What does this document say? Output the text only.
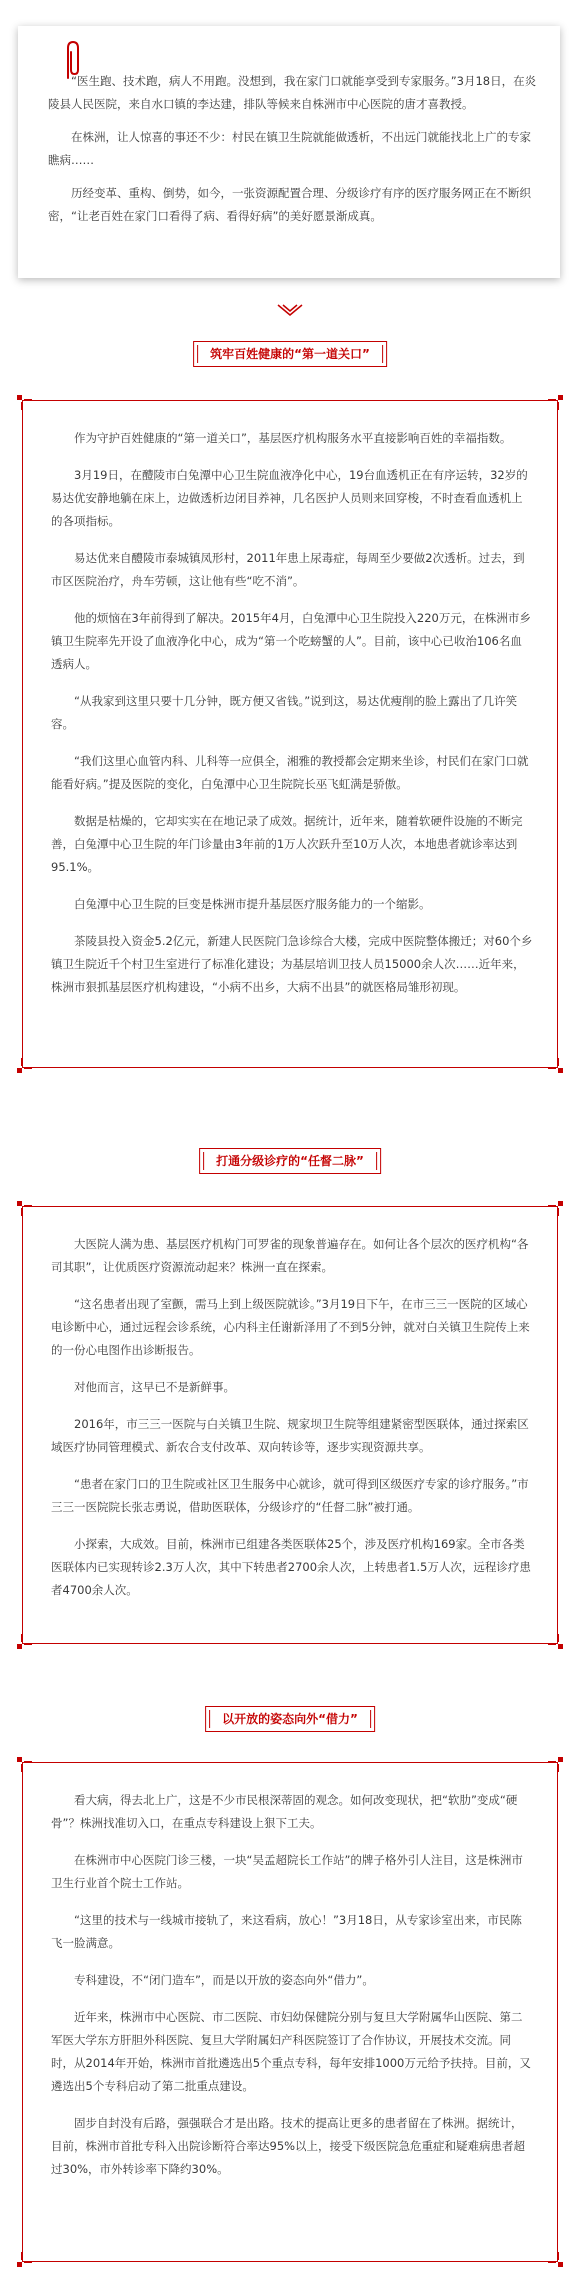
“医生跑、技术跑，病人不用跑。没想到，我在家门口就能享受到专家服务。”3月18日，在炎陵县人民医院，来自水口镇的李达建，排队等候来自株洲市中心医院的唐才喜教授。

在株洲，让人惊喜的事还不少：村民在镇卫生院就能做透析，不出远门就能找北上广的专家瞧病……

历经变革、重构、倒势，如今，一张资源配置合理、分级诊疗有序的医疗服务网正在不断织密，“让老百姓在家门口看得了病、看得好病”的美好愿景渐成真。

筑牢百姓健康的“第一道关口”

作为守护百姓健康的“第一道关口”，基层医疗机构服务水平直接影响百姓的幸福指数。

3月19日，在醴陵市白兔潭中心卫生院血液净化中心，19台血透机正在有序运转，32岁的易达优安静地躺在床上，边做透析边闭目养神，几名医护人员则来回穿梭，不时查看血透机上的各项指标。

易达优来自醴陵市泰城镇凤形村，2011年患上尿毒症，每周至少要做2次透析。过去，到市区医院治疗，舟车劳顿，这让他有些“吃不消”。

他的烦恼在3年前得到了解决。2015年4月，白兔潭中心卫生院投入220万元，在株洲市乡镇卫生院率先开设了血液净化中心，成为“第一个吃螃蟹的人”。目前，该中心已收治106名血透病人。

“从我家到这里只要十几分钟，既方便又省钱。”说到这，易达优瘦削的脸上露出了几许笑容。

“我们这里心血管内科、儿科等一应俱全，湘雅的教授都会定期来坐诊，村民们在家门口就能看好病。”提及医院的变化，白兔潭中心卫生院院长巫飞虹满是骄傲。

数据是枯燥的，它却实实在在地记录了成效。据统计，近年来，随着软硬件设施的不断完善，白兔潭中心卫生院的年门诊量由3年前的1万人次跃升至10万人次，本地患者就诊率达到95.1%。

白兔潭中心卫生院的巨变是株洲市提升基层医疗服务能力的一个缩影。

茶陵县投入资金5.2亿元，新建人民医院门急诊综合大楼，完成中医院整体搬迁；对60个乡镇卫生院近千个村卫生室进行了标准化建设；为基层培训卫技人员15000余人次……近年来，株洲市狠抓基层医疗机构建设，“小病不出乡，大病不出县”的就医格局雏形初现。

打通分级诊疗的“任督二脉”

大医院人满为患、基层医疗机构门可罗雀的现象普遍存在。如何让各个层次的医疗机构“各司其职”，让优质医疗资源流动起来？株洲一直在探索。

“这名患者出现了室颤，需马上到上级医院就诊。”3月19日下午，在市三三一医院的区域心电诊断中心，通过远程会诊系统，心内科主任谢新泽用了不到5分钟，就对白关镇卫生院传上来的一份心电图作出诊断报告。

对他而言，这早已不是新鲜事。

2016年，市三三一医院与白关镇卫生院、规家坝卫生院等组建紧密型医联体，通过探索区域医疗协同管理模式、新农合支付改革、双向转诊等，逐步实现资源共享。

“患者在家门口的卫生院或社区卫生服务中心就诊，就可得到区级医疗专家的诊疗服务。”市三三一医院院长张志勇说，借助医联体，分级诊疗的“任督二脉”被打通。

小探索，大成效。目前，株洲市已组建各类医联体25个，涉及医疗机构169家。全市各类医联体内已实现转诊2.3万人次，其中下转患者2700余人次，上转患者1.5万人次，远程诊疗患者4700余人次。

以开放的姿态向外“借力”

看大病，得去北上广，这是不少市民根深蒂固的观念。如何改变现状，把“软肋”变成“硬骨”？株洲找准切入口，在重点专科建设上狠下工夫。

在株洲市中心医院门诊三楼，一块“吴孟超院长工作站”的牌子格外引人注目，这是株洲市卫生行业首个院士工作站。

“这里的技术与一线城市接轨了，来这看病，放心！”3月18日，从专家诊室出来，市民陈飞一脸满意。

专科建设，不“闭门造车”，而是以开放的姿态向外“借力”。

近年来，株洲市中心医院、市二医院、市妇幼保健院分别与复旦大学附属华山医院、第二军医大学东方肝胆外科医院、复旦大学附属妇产科医院签订了合作协议，开展技术交流。同时，从2014年开始，株洲市首批遴选出5个重点专科，每年安排1000万元给予扶持。目前，又遴选出5个专科启动了第二批重点建设。

固步自封没有后路，强强联合才是出路。技术的提高让更多的患者留在了株洲。据统计，目前，株洲市首批专科入出院诊断符合率达95%以上，接受下级医院急危重症和疑难病患者超过30%，市外转诊率下降约30%。
